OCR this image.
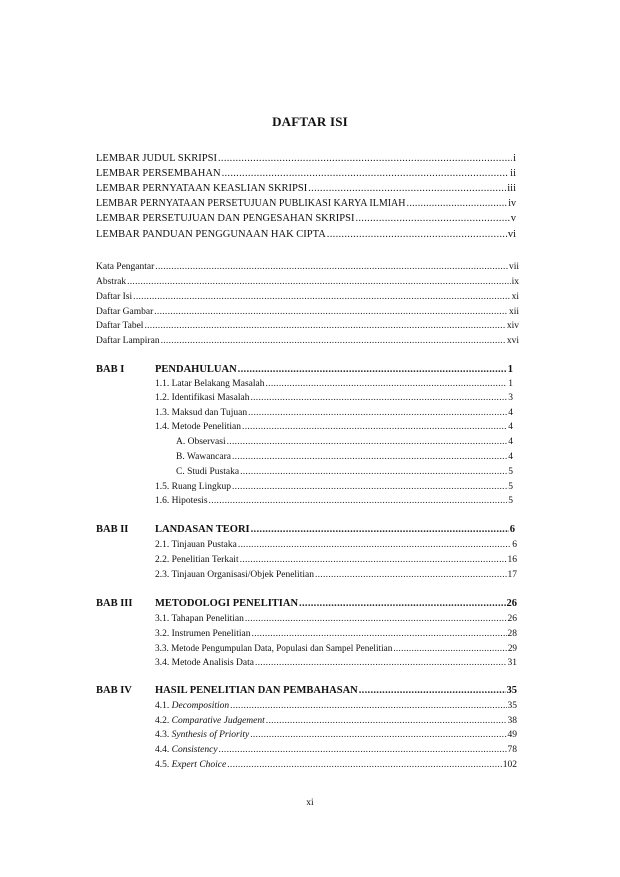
DAFTAR ISI
LEMBAR JUDUL SKRIPSI .....	i
LEMBAR PERSEMBAHAN .....	ii
LEMBAR PERNYATAAN KEASLIAN SKRIPSI .....	iii
LEMBAR PERNYATAAN PERSETUJUAN PUBLIKASI KARYA ILMIAH .....	iv
LEMBAR PERSETUJUAN DAN PENGESAHAN SKRIPSI .....	v
LEMBAR PANDUAN PENGGUNAAN HAK CIPTA .....	vi
Kata Pengantar .....	vii
Abstrak .....	ix
Daftar Isi .....	xi
Daftar Gambar .....	xii
Daftar Tabel .....	xiv
Daftar Lampiran .....	xvi
BAB I	PENDAHULUAN .....	1
1.1. Latar Belakang Masalah .....	1
1.2. Identifikasi Masalah .....	3
1.3. Maksud dan Tujuan .....	4
1.4. Metode Penelitian .....	4
A. Observasi .....	4
B. Wawancara .....	4
C. Studi Pustaka .....	5
1.5. Ruang Lingkup .....	5
1.6. Hipotesis .....	5
BAB II	LANDASAN TEORI .....	6
2.1. Tinjauan Pustaka .....	6
2.2. Penelitian Terkait .....	16
2.3. Tinjauan Organisasi/Objek Penelitian .....	17
BAB III METODOLOGI PENELITIAN .....	26
3.1. Tahapan Penelitian .....	26
3.2. Instrumen Penelitian .....	28
3.3. Metode Pengumpulan Data, Populasi dan Sampel Penelitian .....	29
3.4. Metode Analisis Data .....	31
BAB IV HASIL PENELITIAN DAN PEMBAHASAN .....	35
4.1. Decomposition .....	35
4.2. Comparative Judgement .....	38
4.3. Synthesis of Priority .....	49
4.4. Consistency .....	78
4.5. Expert Choice .....	102
xi
